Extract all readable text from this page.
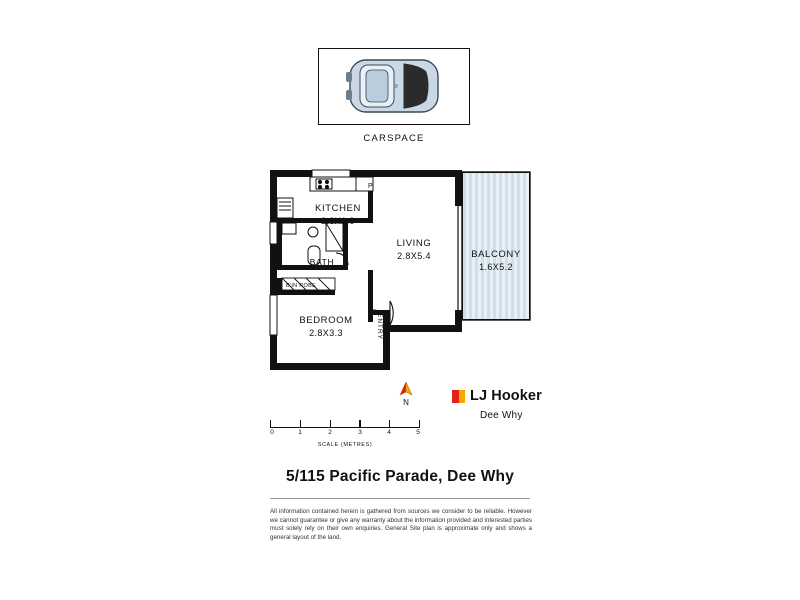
CARSPACE
KITCHEN
2.8X1.9
LIVING
2.8X5.4	BALCONY
1.6X5.2
BEDROOM
2.8X3.3
BATH
P
B'IN ROBE
ENTRY
N	LJ Hooker
Dee Why
0	1	2	3	4	5
SCALE (METRES)
5/115 Pacific Parade, Dee Why
All information contained herein is gathered from sources we consider to be reliable. However we cannot guarantee or give any warranty about the information provided and interested parties must solely rely on their own enquiries. General Site plan is approximate only and shows a general layout of the land.
